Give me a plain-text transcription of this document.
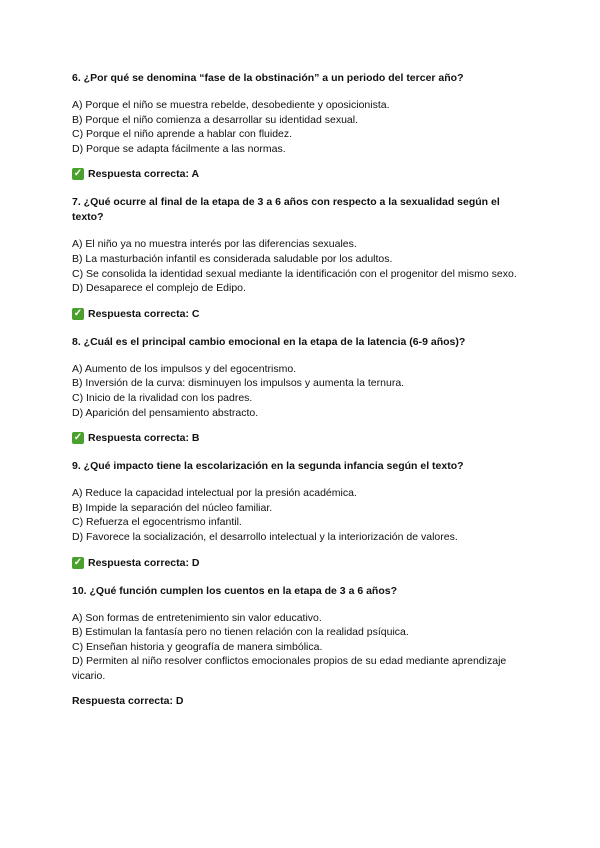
6. ¿Por qué se denomina “fase de la obstinación” a un periodo del tercer año?

A) Porque el niño se muestra rebelde, desobediente y oposicionista.

B) Porque el niño comienza a desarrollar su identidad sexual.

C) Porque el niño aprende a hablar con fluidez.

D) Porque se adapta fácilmente a las normas.

✓ Respuesta correcta: A

7. ¿Qué ocurre al final de la etapa de 3 a 6 años con respecto a la sexualidad según el texto?

A) El niño ya no muestra interés por las diferencias sexuales.

B) La masturbación infantil es considerada saludable por los adultos.

C) Se consolida la identidad sexual mediante la identificación con el progenitor del mismo sexo.

D) Desaparece el complejo de Edipo.

✓ Respuesta correcta: C

8. ¿Cuál es el principal cambio emocional en la etapa de la latencia (6-9 años)?

A) Aumento de los impulsos y del egocentrismo.

B) Inversión de la curva: disminuyen los impulsos y aumenta la ternura.

C) Inicio de la rivalidad con los padres.

D) Aparición del pensamiento abstracto.

✓ Respuesta correcta: B

9. ¿Qué impacto tiene la escolarización en la segunda infancia según el texto?

A) Reduce la capacidad intelectual por la presión académica.

B) Impide la separación del núcleo familiar.

C) Refuerza el egocentrismo infantil.

D) Favorece la socialización, el desarrollo intelectual y la interiorización de valores.

✓ Respuesta correcta: D

10. ¿Qué función cumplen los cuentos en la etapa de 3 a 6 años?

A) Son formas de entretenimiento sin valor educativo.

B) Estimulan la fantasía pero no tienen relación con la realidad psíquica.

C) Enseñan historia y geografía de manera simbólica.

D) Permiten al niño resolver conflictos emocionales propios de su edad mediante aprendizaje vicario.

Respuesta correcta: D
